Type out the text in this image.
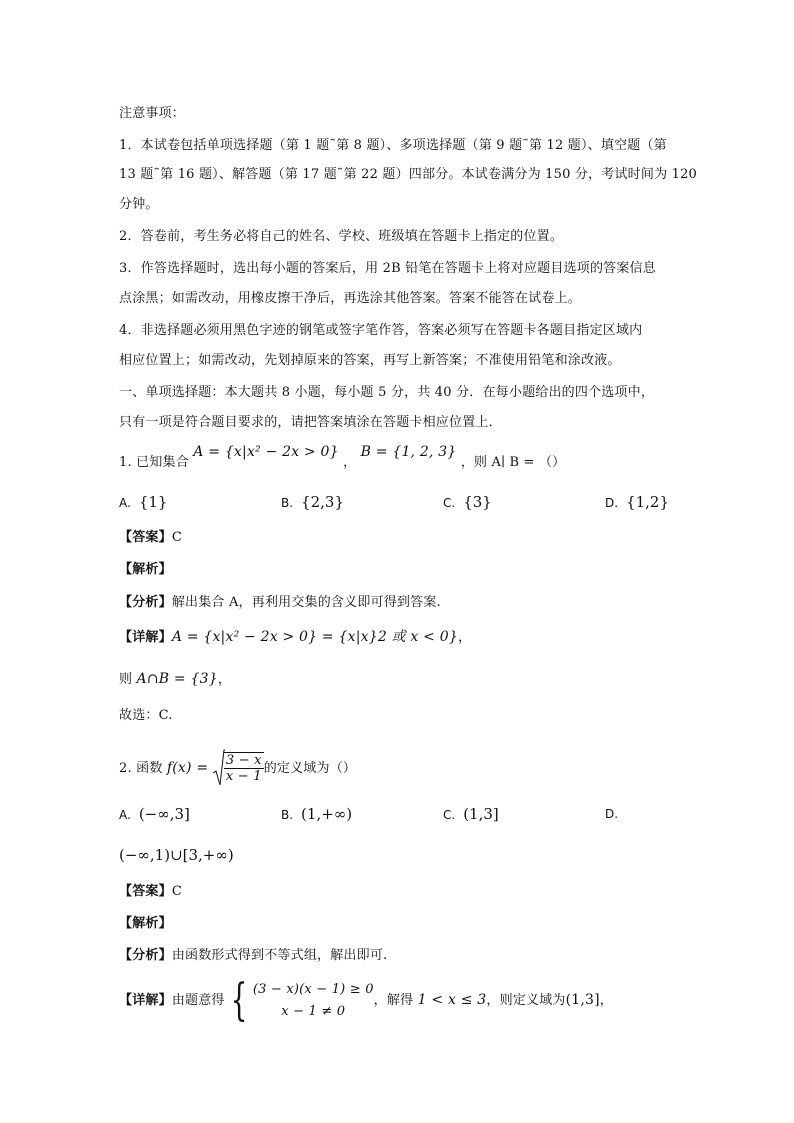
注意事项：
1．本试卷包括单项选择题（第 1 题˜第 8 题）、多项选择题（第 9 题˜第 12 题）、填空题（第
13 题˜第 16 题）、解答题（第 17 题˜第 22 题）四部分。本试卷满分为 150 分，考试时间为 120
分钟。
2．答卷前，考生务必将自己的姓名、学校、班级填在答题卡上指定的位置。
3．作答选择题时，选出每小题的答案后，用 2B 铅笔在答题卡上将对应题目选项的答案信息
点涂黑；如需改动，用橡皮擦干净后，再选涂其他答案。答案不能答在试卷上。
4．非选择题必须用黑色字迹的钢笔或签字笔作答，答案必须写在答题卡各题目指定区域内
相应位置上；如需改动，先划掉原来的答案，再写上新答案；不准使用铅笔和涂改液。
一、单项选择题：本大题共 8 小题，每小题 5 分，共 40 分．在每小题给出的四个选项中，
只有一项是符合题目要求的，请把答案填涂在答题卡相应位置上．
1. 已知集合 A = {x|x² − 2x > 0} ， B = {1, 2, 3} ，则 A∣ B = （）
A. {1}	B. {2,3}	C. {3}	D. {1,2}
【答案】C
【解析】
【分析】解出集合 A，再利用交集的含义即可得到答案.
【详解】A = {x|x² − 2x > 0} = {x|x}2 或 x < 0}，
则 A∩B = {3}，
故选：C.
2. 函数 $f(x) = \frac{3 - x}{x - 1}$ 的定义域为（）
A. (−∞,3]	B. (1,+∞)	C. (1,3]	D.
(−∞,1)∪[3,+∞)
【答案】C
【解析】
【分析】由函数形式得到不等式组，解出即可.
【详解】由题意得 { (3 − x)(x − 1) ≥ 0
x − 1 ≠ 0
，解得 1 < x ≤ 3，则定义域为(1,3]，
